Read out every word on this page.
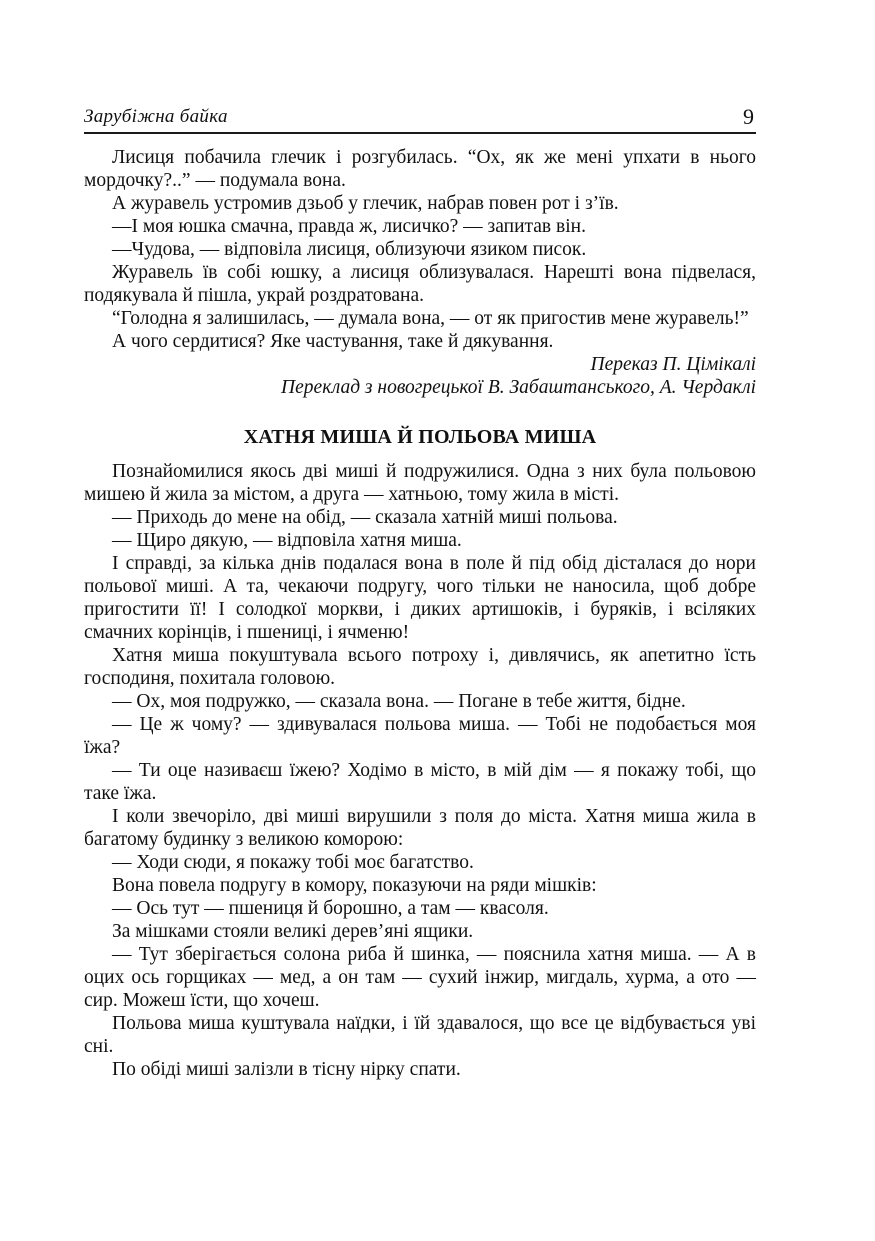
Зарубіжна байка	9

Лисиця побачила глечик і розгубилась. “Ох, як же мені упхати в нього мордочку?..” — подумала вона.

А журавель устромив дзьоб у глечик, набрав повен рот і з’їв.

—І моя юшка смачна, правда ж, лисичко? — запитав він.

—Чудова, — відповіла лисиця, облизуючи язиком писок.

Журавель їв собі юшку, а лисиця облизувалася. Нарешті вона підвелася, подякувала й пішла, украй роздратована.

“Голодна я залишилась, — думала вона, — от як пригостив мене журавель!”

А чого сердитися? Яке частування, таке й дякування.

Переказ П. Цімікалі

Переклад з новогрецької В. Забаштанського, А. Чердаклі

ХАТНЯ МИША Й ПОЛЬОВА МИША

Познайомилися якось дві миші й подружилися. Одна з них була польовою мишею й жила за містом, а друга — хатньою, тому жила в місті.

— Приходь до мене на обід, — сказала хатній миші польова.

— Щиро дякую, — відповіла хатня миша.

І справді, за кілька днів подалася вона в поле й під обід дісталася до нори польової миші. А та, чекаючи подругу, чого тільки не наносила, щоб добре пригостити її! І солодкої моркви, і диких артишоків, і буряків, і всіляких смачних корінців, і пшениці, і ячменю!

Хатня миша покуштувала всього потроху і, дивлячись, як апетитно їсть господиня, похитала головою.

— Ох, моя подружко, — сказала вона. — Погане в тебе життя, бідне.

— Це ж чому? — здивувалася польова миша. — Тобі не подобається моя їжа?

— Ти оце називаєш їжею? Ходімо в місто, в мій дім — я покажу тобі, що таке їжа.

І коли звечоріло, дві миші вирушили з поля до міста. Хатня миша жила в багатому будинку з великою коморою:

— Ходи сюди, я покажу тобі моє багатство.

Вона повела подругу в комору, показуючи на ряди мішків:

— Ось тут — пшениця й борошно, а там — квасоля.

За мішками стояли великі дерев’яні ящики.

— Тут зберігається солона риба й шинка, — пояснила хатня миша. — А в оцих ось горщиках — мед, а он там — сухий інжир, мигдаль, хурма, а ото — сир. Можеш їсти, що хочеш.

Польова миша куштувала наїдки, і їй здавалося, що все це відбувається уві сні.

По обіді миші залізли в тісну нірку спати.
